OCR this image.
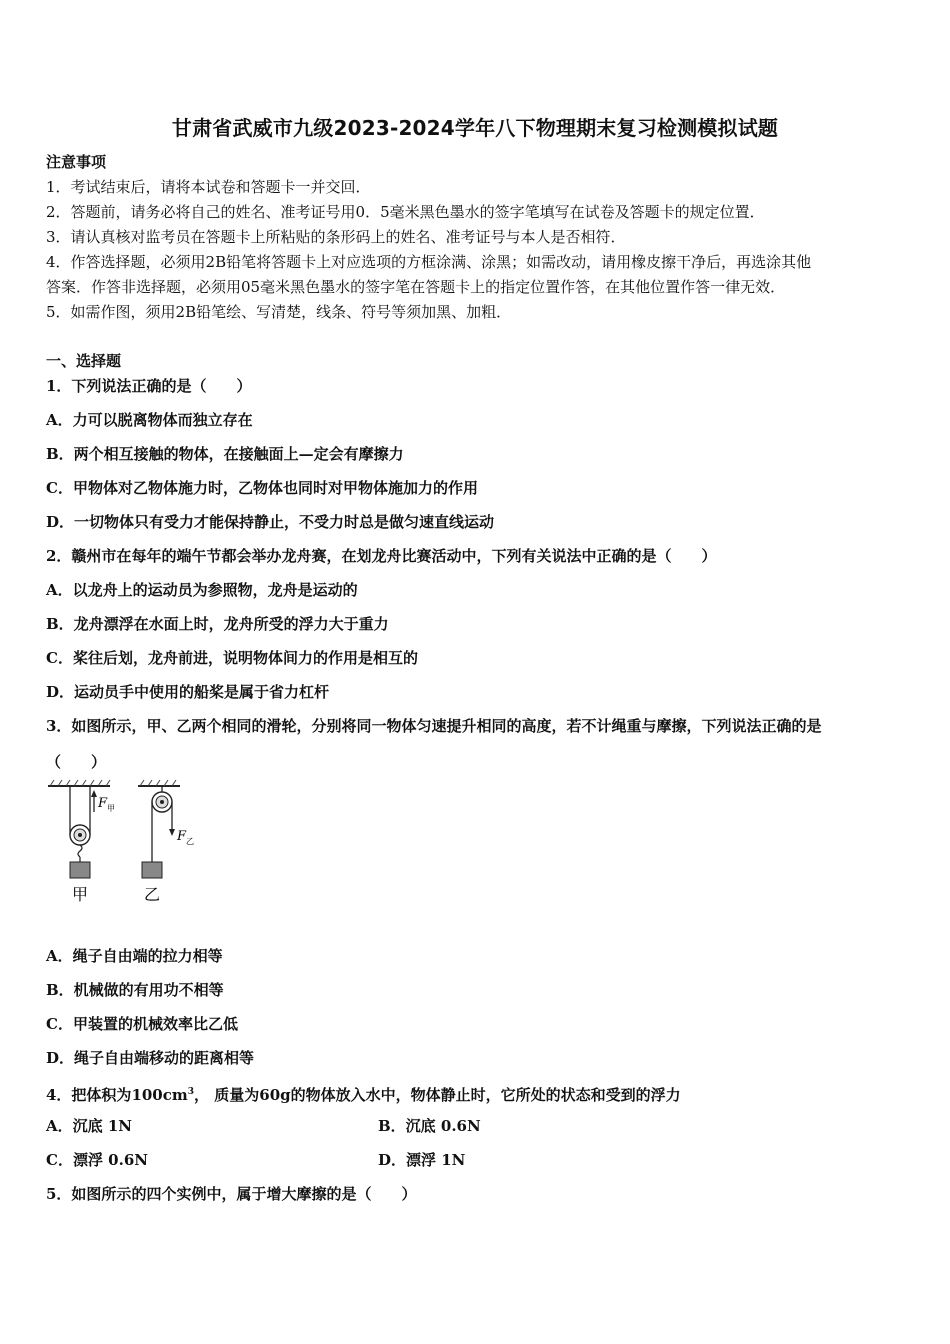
甘肃省武威市九级2023-2024学年八下物理期末复习检测模拟试题
注意事项
1．考试结束后，请将本试卷和答题卡一并交回．
2．答题前，请务必将自己的姓名、准考证号用0．5毫米黑色墨水的签字笔填写在试卷及答题卡的规定位置．
3．请认真核对监考员在答题卡上所粘贴的条形码上的姓名、准考证号与本人是否相符．
4．作答选择题，必须用2B铅笔将答题卡上对应选项的方框涂满、涂黑；如需改动，请用橡皮擦干净后，再选涂其他
答案．作答非选择题，必须用05毫米黑色墨水的签字笔在答题卡上的指定位置作答，在其他位置作答一律无效．
5．如需作图，须用2B铅笔绘、写清楚，线条、符号等须加黑、加粗．
一、选择题
1．下列说法正确的是（　　）
A．力可以脱离物体而独立存在
B．两个相互接触的物体，在接触面上—定会有摩擦力
C．甲物体对乙物体施力时，乙物体也同时对甲物体施加力的作用
D．一切物体只有受力才能保持静止，不受力时总是做匀速直线运动
2．赣州市在每年的端午节都会举办龙舟赛，在划龙舟比赛活动中，下列有关说法中正确的是（　　）
A．以龙舟上的运动员为参照物，龙舟是运动的
B．龙舟漂浮在水面上时，龙舟所受的浮力大于重力
C．桨往后划，龙舟前进，说明物体间力的作用是相互的
D．运动员手中使用的船桨是属于省力杠杆
3．如图所示，甲、乙两个相同的滑轮，分别将同一物体匀速提升相同的高度，若不计绳重与摩擦，下列说法正确的是
（　　）
F 甲
甲
F 乙
乙
A．绳子自由端的拉力相等
B．机械做的有用功不相等
C．甲装置的机械效率比乙低
D．绳子自由端移动的距离相等
4．把体积为$100cm^3$， 质量为60g的物体放入水中，物体静止时，它所处的状态和受到的浮力
A．沉底 1N	B．沉底 0.6N
C．漂浮 0.6N	D．漂浮 1N
5．如图所示的四个实例中，属于增大摩擦的是（　　）
